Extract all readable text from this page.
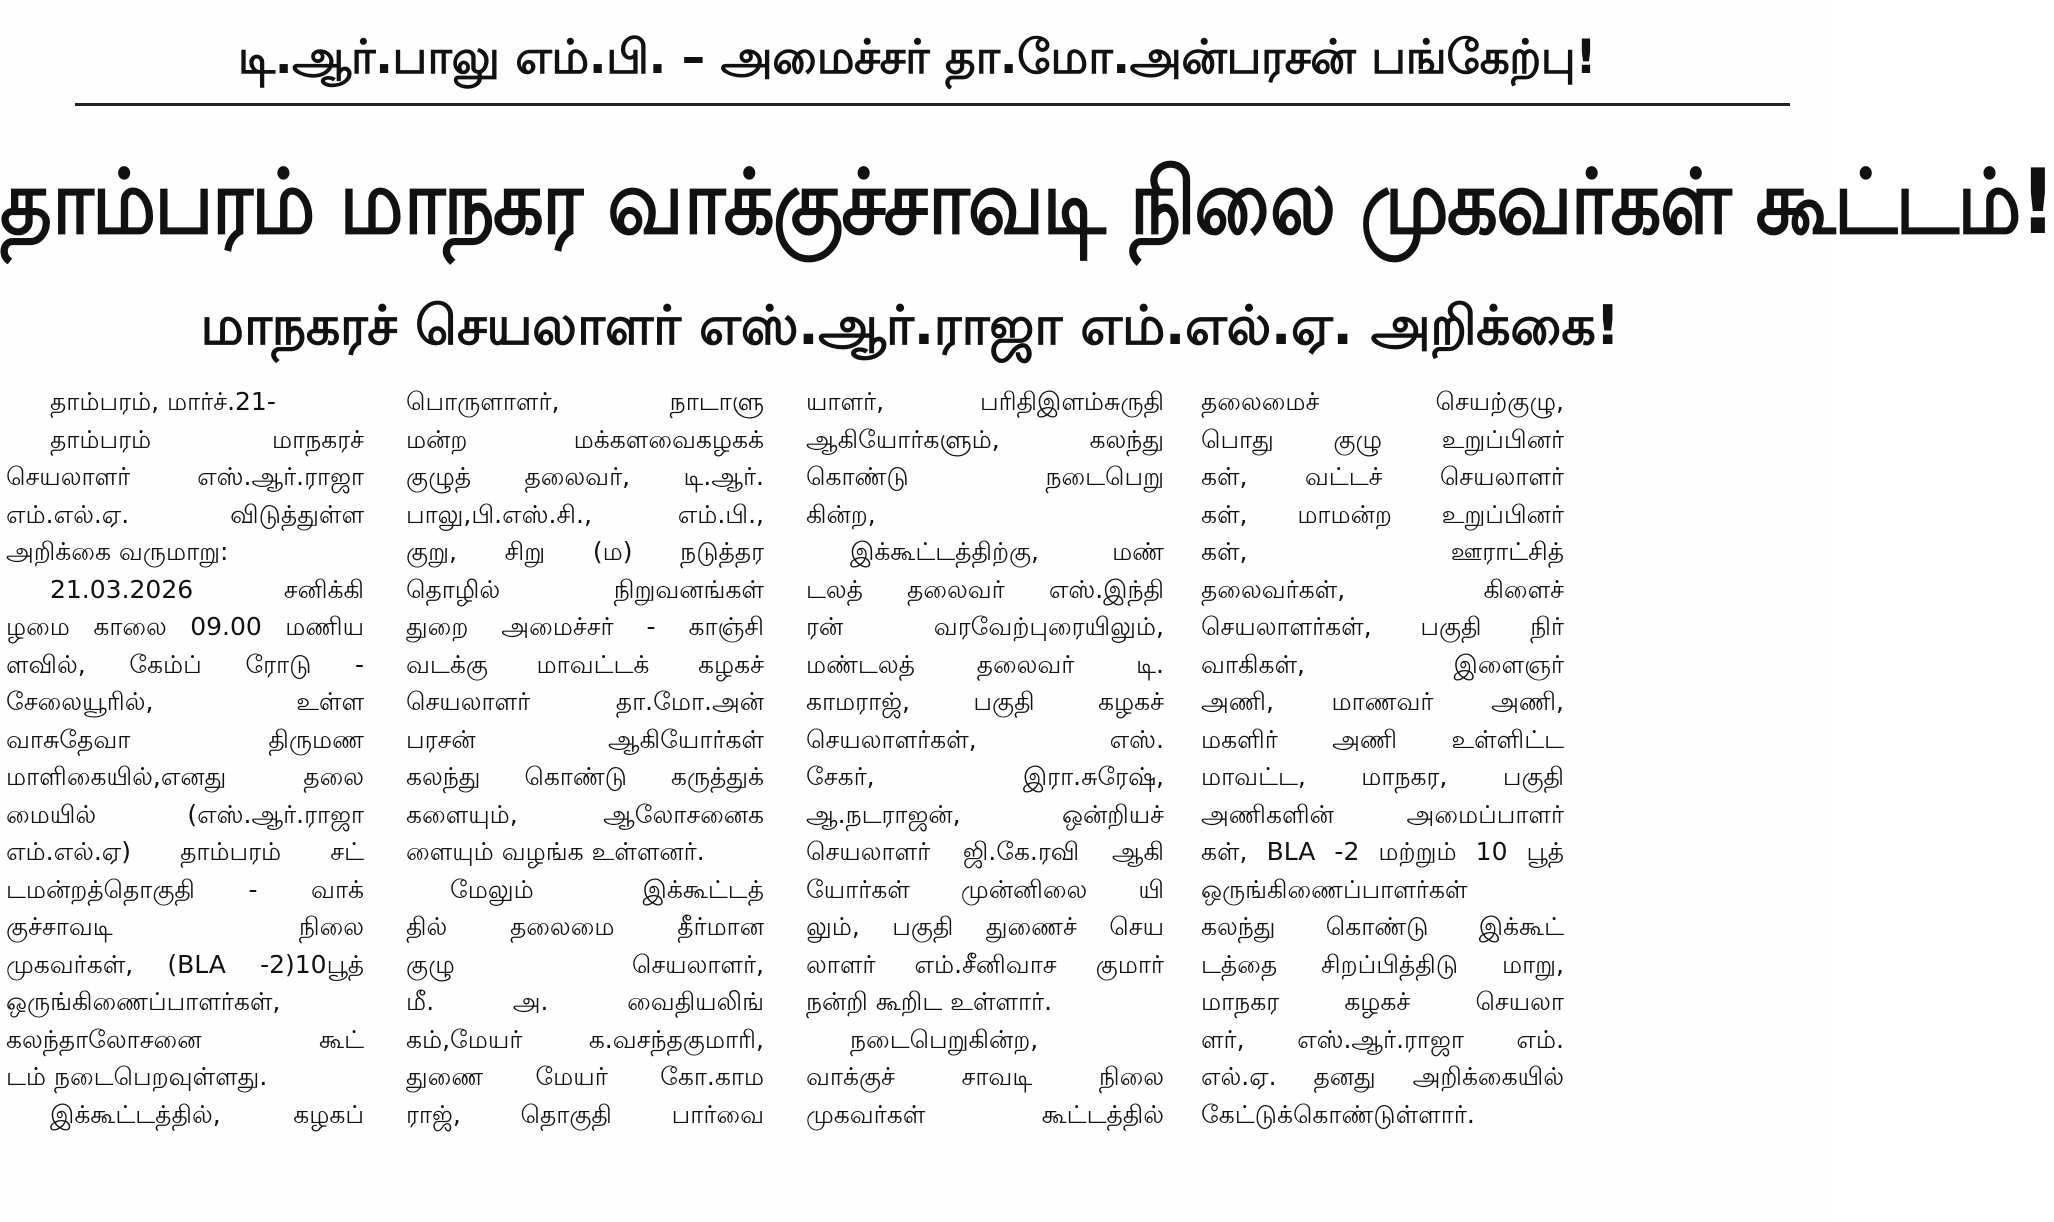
டி.ஆர்.பாலு எம்.பி. – அமைச்சர் தா.மோ.அன்பரசன் பங்கேற்பு!
தாம்பரம் மாநகர வாக்குச்சாவடி நிலை முகவர்கள் கூட்டம்!
மாநகரச் செயலாளர் எஸ்.ஆர்.ராஜா எம்.எல்.ஏ. அறிக்கை!
தாம்பரம், மார்ச்.21-
தாம்பரம் மாநகரச்
செயலாளர் எஸ்.ஆர்.ராஜா
எம்.எல்.ஏ. விடுத்துள்ள
அறிக்கை வருமாறு:
21.03.2026 சனிக்கி
ழமை காலை 09.00 மணிய
ளவில், கேம்ப் ரோடு -
சேலையூரில், உள்ள
வாசுதேவா திருமண
மாளிகையில்,எனது தலை
மையில் (எஸ்.ஆர்.ராஜா
எம்.எல்.ஏ) தாம்பரம் சட்
டமன்றத்தொகுதி - வாக்
குச்சாவடி நிலை
முகவர்கள், (BLA -2)10பூத்
ஒருங்கிணைப்பாளர்கள்,
கலந்தாலோசனை கூட்
டம் நடைபெறவுள்ளது.
இக்கூட்டத்தில், கழகப்
பொருளாளர், நாடாளு
மன்ற மக்களவைகழகக்
குழுத் தலைவர், டி.ஆர்.
பாலு,பி.எஸ்.சி., எம்.பி.,
குறு, சிறு (ம) நடுத்தர
தொழில் நிறுவனங்கள்
துறை அமைச்சர் - காஞ்சி
வடக்கு மாவட்டக் கழகச்
செயலாளர் தா.மோ.அன்
பரசன் ஆகியோர்கள்
கலந்து கொண்டு கருத்துக்
களையும், ஆலோசனைக
ளையும் வழங்க உள்ளனர்.
மேலும் இக்கூட்டத்
தில் தலைமை தீர்மான
குழு செயலாளர்,
மீ. அ. வைதியலிங்
கம்,மேயர் க.வசந்தகுமாரி,
துணை மேயர் கோ.காம
ராஜ், தொகுதி பார்வை
யாளர், பரிதிஇளம்சுருதி
ஆகியோர்களும், கலந்து
கொண்டு நடைபெறு
கின்ற,
இக்கூட்டத்திற்கு, மண்
டலத் தலைவர் எஸ்.இந்தி
ரன் வரவேற்புரையிலும்,
மண்டலத் தலைவர் டி.
காமராஜ், பகுதி கழகச்
செயலாளர்கள், எஸ்.
சேகர், இரா.சுரேஷ்,
ஆ.நடராஜன், ஒன்றியச்
செயலாளர் ஜி.கே.ரவி ஆகி
யோர்கள் முன்னிலை யி
லும், பகுதி துணைச் செய
லாளர் எம்.சீனிவாச குமார்
நன்றி கூறிட உள்ளார்.
நடைபெறுகின்ற,
வாக்குச் சாவடி நிலை
முகவர்கள் கூட்டத்தில்
தலைமைச் செயற்குழு,
பொது குழு உறுப்பினர்
கள், வட்டச் செயலாளர்
கள், மாமன்ற உறுப்பினர்
கள், ஊராட்சித்
தலைவர்கள், கிளைச்
செயலாளர்கள், பகுதி நிர்
வாகிகள், இளைஞர்
அணி, மாணவர் அணி,
மகளிர் அணி உள்ளிட்ட
மாவட்ட, மாநகர, பகுதி
அணிகளின் அமைப்பாளர்
கள், BLA -2 மற்றும் 10 பூத்
ஒருங்கிணைப்பாளர்கள்
கலந்து கொண்டு இக்கூட்
டத்தை சிறப்பித்திடு மாறு,
மாநகர கழகச் செயலா
ளர், எஸ்.ஆர்.ராஜா எம்.
எல்.ஏ. தனது அறிக்கையில்
கேட்டுக்கொண்டுள்ளார்.
